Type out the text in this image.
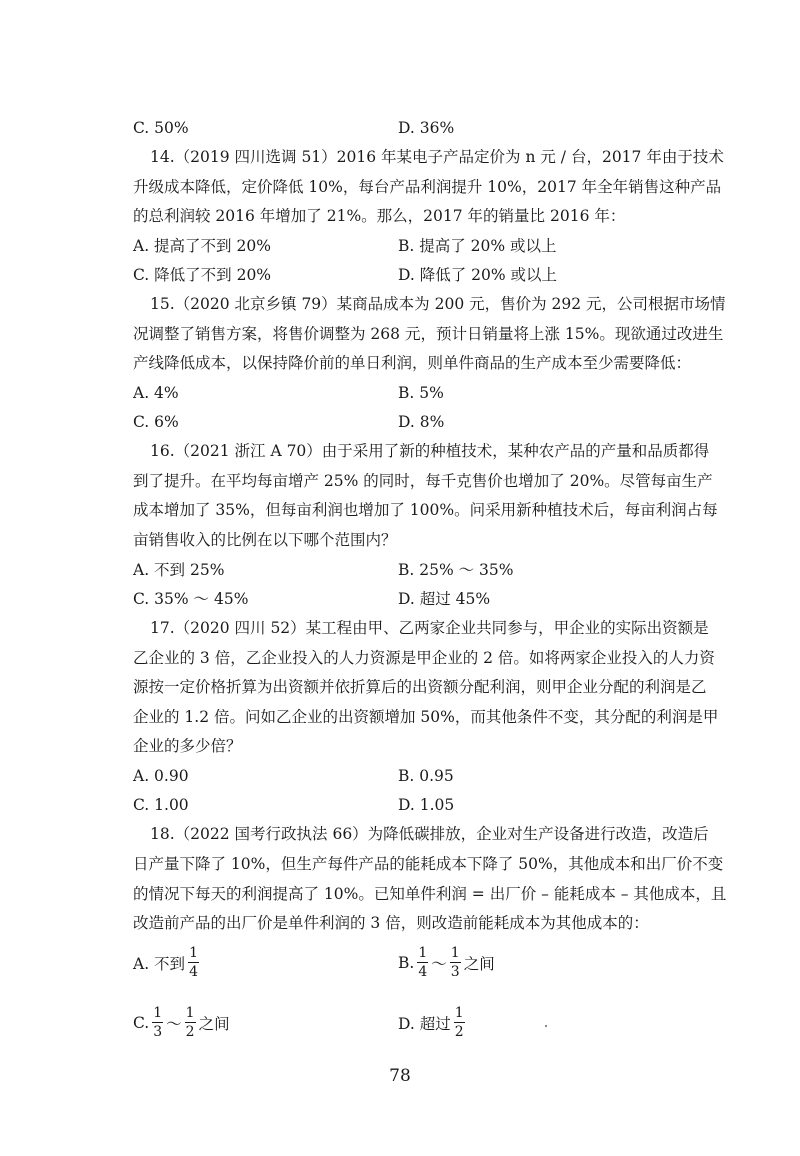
C. 50%	D. 36%
14.（2019 四川选调 51）2016 年某电子产品定价为 n 元 / 台，2017 年由于技术
升级成本降低，定价降低 10%，每台产品利润提升 10%，2017 年全年销售这种产品
的总利润较 2016 年增加了 21%。那么，2017 年的销量比 2016 年：
A. 提高了不到 20%	B. 提高了 20% 或以上
C. 降低了不到 20%	D. 降低了 20% 或以上
15.（2020 北京乡镇 79）某商品成本为 200 元，售价为 292 元，公司根据市场情
况调整了销售方案，将售价调整为 268 元，预计日销量将上涨 15%。现欲通过改进生
产线降低成本，以保持降价前的单日利润，则单件商品的生产成本至少需要降低：
A. 4%	B. 5%
C. 6%	D. 8%
16.（2021 浙江 A 70）由于采用了新的种植技术，某种农产品的产量和品质都得
到了提升。在平均每亩增产 25% 的同时，每千克售价也增加了 20%。尽管每亩生产
成本增加了 35%，但每亩利润也增加了 100%。问采用新种植技术后，每亩利润占每
亩销售收入的比例在以下哪个范围内？
A. 不到 25%	B. 25% ～ 35%
C. 35% ～ 45%	D. 超过 45%
17.（2020 四川 52）某工程由甲、乙两家企业共同参与，甲企业的实际出资额是
乙企业的 3 倍，乙企业投入的人力资源是甲企业的 2 倍。如将两家企业投入的人力资
源按一定价格折算为出资额并依折算后的出资额分配利润，则甲企业分配的利润是乙
企业的 1.2 倍。问如乙企业的出资额增加 50%，而其他条件不变，其分配的利润是甲
企业的多少倍？
A. 0.90	B. 0.95
C. 1.00	D. 1.05
18.（2022 国考行政执法 66）为降低碳排放，企业对生产设备进行改造，改造后
日产量下降了 10%，但生产每件产品的能耗成本下降了 50%，其他成本和出厂价不变
的情况下每天的利润提高了 10%。已知单件利润 = 出厂价 – 能耗成本 – 其他成本，且
改造前产品的出厂价是单件利润的 3 倍，则改造前能耗成本为其他成本的：
A. 不到 $\frac{1}{4}$	B. $\frac{1}{4}$ ～ $\frac{1}{3}$ 之间
C. $\frac{1}{3}$ ～ $\frac{1}{2}$ 之间	D. 超过 $\frac{1}{2}$
78
